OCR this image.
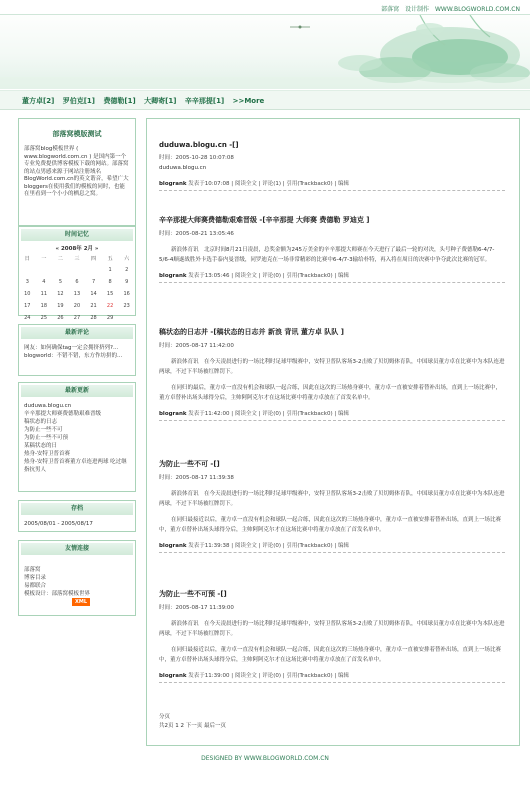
部落窝 设计制作 WWW.BLOGWORLD.COM.CN
董方卓[2] 罗伯克[1] 费德勒[1] 大卿寄[1] 辛辛那提[1] >>More
部落窝模版测试
部落窝blog模板世界 ( www.blogworld.com.cn ) 是国内第一个专业免费提供博客模板下载的网站。部落窝的站点男感来源于网站注册域名BlogWorld.com.cn的英文谐音，希望广大bloggers在使用我们的模板的同时，也能在里看到一个小小的栖息之窝。
时间记忆
« 2008年 2月 »
日	一	二	三	四	五	六
					1	2
3	4	5	6	7	8	9
10	11	12	13	14	15	16
17	18	19	20	21	22	23
24	25	26	27	28	29	
最新评论
网友：如何确保tag一定会拥挤挤列?...
blogworld：不错不错，东方作坊拼的...
最新更新
duduwa.blogu.cn
辛辛那提大师赛费德勒艰难晋级
稿状态的日志
为防止一些不可
为防止一些不可预
某稿状态的日
热身-安特卫普首赛
热身-安特卫普首赛董方卓连进两球 吃过继指抗男人
存档
2005/08/01 - 2005/08/17
友情连接
部落窝
博客目录
易都联合
模板设计：部落窝模板世界
XML
duduwa.blogu.cn -[]
时间：2005-10-28 10:07:08
duduwa.blogu.cn
blogrank 发表于10:07:08 | 阅读全文 | 评论(1) | 引用(Trackback0) | 编辑
辛辛那提大师赛费德勒艰难晋级 -[辛辛那提 大师赛 费德勒 罗迪克 ]
时间：2005-08-21 13:05:46

新浪体育讯　北京时间8月21日凌晨，总奖金额为245万美金的辛辛那提大师赛在今天进行了最后一轮的对决，头号种子费德勒6-4/7-5/6-4顺遂战胜外卡选手泰内曼晋级，同罗迪克在一场非常精彩的比赛中6-4/7-3输给朴特，再入将在周日的决赛中争夺此次比赛的冠军。

blogrank 发表于13:05:46 | 阅读全文 | 评论(0) | 引用(Trackback0) | 编辑
稿状态的日志并 -[稿状态的日志并 新浪 背讯 董方卓 队队 ]
时间：2005-08-17 11:42:00

新浪体育讯　在今天凌晨进行的一场比利时足球甲级赛中，安特卫普队客场3-2击败了贝切姆体育队，中国球员董方卓在比赛中为本队连进两球，不过下半场被红牌罚下。

在同归的最后，董方卓一直没有机会和球队一起合练，因此在这次的三场热身赛中，董方卓一直被安排着替补出场，直到上一场比赛中，董方卓替补出场头球得分后，主帅阿阿克尔才在这场比赛中将董方卓放在了首发名单中。

blogrank 发表于11:42:00 | 阅读全文 | 评论(0) | 引用(Trackback0) | 编辑
为防止一些不可 -[]
时间：2005-08-17 11:39:38

新浪体育讯　在今天凌晨进行的一场比利时足球甲级赛中，安特卫普队客场3-2击败了贝切姆体育队，中国球员董方卓在比赛中为本队连进两球，不过下半场被红牌罚下。

在同归最接近以后，董方卓一直没有机会和球队一起合练，因此在这次的三场热身赛中，董方卓一直被安排着替补出场，直到上一场比赛中，董方卓替补出场头球得分后，主帅阿阿克尔才在这场比赛中将董方卓放在了首发名单中。

blogrank 发表于11:39:38 | 阅读全文 | 评论(0) | 引用(Trackback0) | 编辑
为防止一些不可预 -[]
时间：2005-08-17 11:39:00

新浪体育讯　在今天凌晨进行的一场比利时足球甲级赛中，安特卫普队客场3-2击败了贝切姆体育队，中国球员董方卓在比赛中为本队连进两球，不过下半场被红牌罚下。

在同归最接近以后，董方卓一直没有机会和球队一起合练，因此在这次的三场热身赛中，董方卓一直被安排着替补出场，直到上一场比赛中，董方卓替补出场头球得分后，主帅阿阿克尔才在这场比赛中将董方卓放在了首发名单中。

blogrank 发表于11:39:00 | 阅读全文 | 评论(0) | 引用(Trackback0) | 编辑
分页
共2页 1 2 下一页 最后一页
DESIGNED BY WWW.BLOGWORLD.COM.CN
